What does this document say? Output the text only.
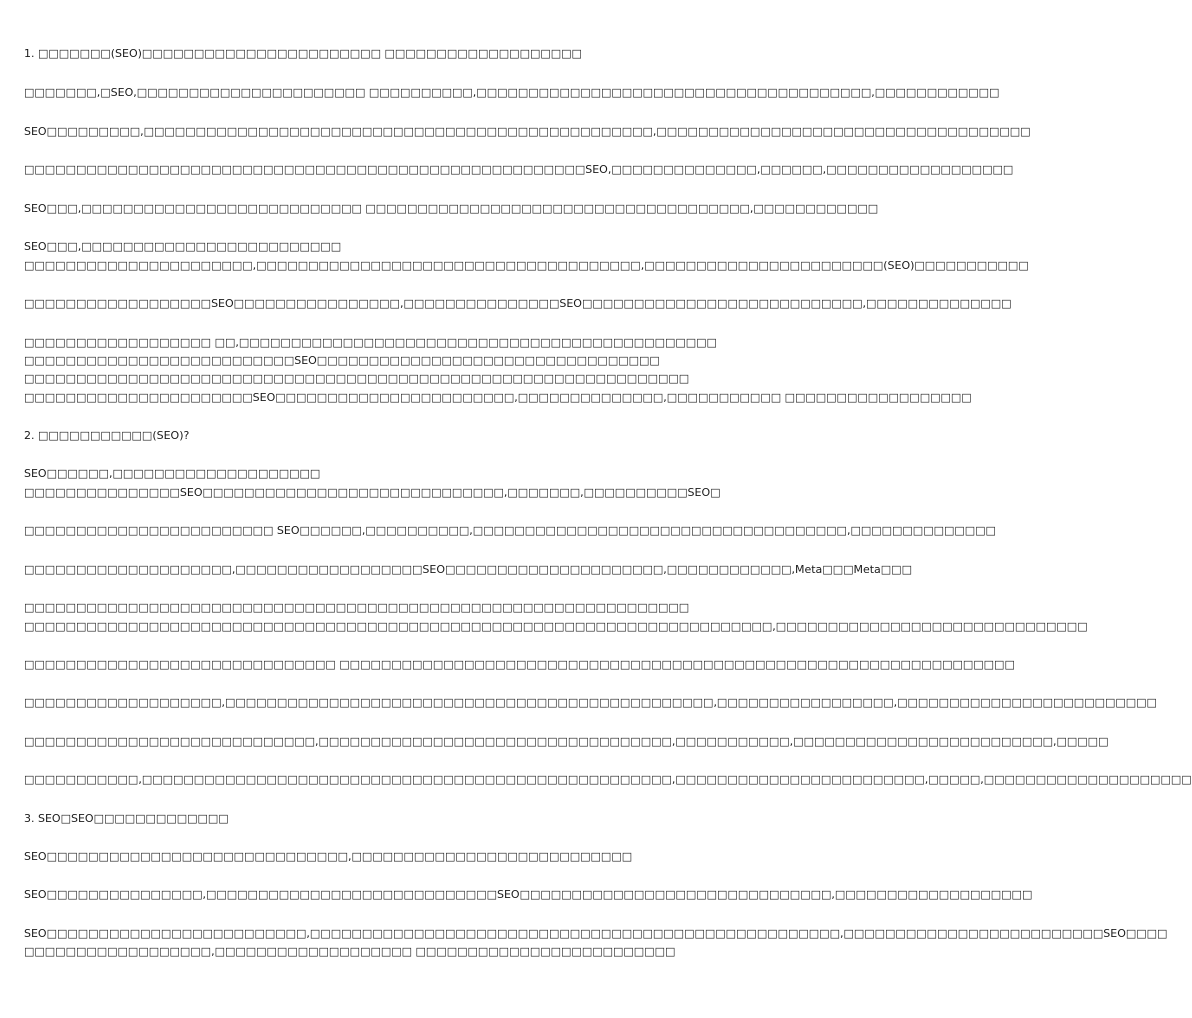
1. □□□□□□□(SEO)□□□□□□□□□□□□□□□□□□□□□□□ □□□□□□□□□□□□□□□□□□□
□□□□□□□,□SEO,□□□□□□□□□□□□□□□□□□□□□□ □□□□□□□□□□,□□□□□□□□□□□□□□□□□□□□□□□□□□□□□□□□□□□□□□,□□□□□□□□□□□□
SEO□□□□□□□□□,□□□□□□□□□□□□□□□□□□□□□□□□□□□□□□□□□□□□□□□□□□□□□□□□□,□□□□□□□□□□□□□□□□□□□□□□□□□□□□□□□□□□□□
□□□□□□□□□□□□□□□□□□□□□□□□□□□□□□□□□□□□□□□□□□□□□□□□□□□□□□SEO,□□□□□□□□□□□□□□,□□□□□□,□□□□□□□□□□□□□□□□□□
SEO□□□,□□□□□□□□□□□□□□□□□□□□□□□□□□□ □□□□□□□□□□□□□□□□□□□□□□□□□□□□□□□□□□□□□,□□□□□□□□□□□□
SEO□□□,□□□□□□□□□□□□□□□□□□□□□□□□□
□□□□□□□□□□□□□□□□□□□□□□,□□□□□□□□□□□□□□□□□□□□□□□□□□□□□□□□□□□□□,□□□□□□□□□□□□□□□□□□□□□□□(SEO)□□□□□□□□□□□
□□□□□□□□□□□□□□□□□□SEO□□□□□□□□□□□□□□□□,□□□□□□□□□□□□□□□SEO□□□□□□□□□□□□□□□□□□□□□□□□□□□,□□□□□□□□□□□□□□
□□□□□□□□□□□□□□□□□□ □□,□□□□□□□□□□□□□□□□□□□□□□□□□□□□□□□□□□□□□□□□□□□□□□
□□□□□□□□□□□□□□□□□□□□□□□□□□SEO□□□□□□□□□□□□□□□□□□□□□□□□□□□□□□□□□
□□□□□□□□□□□□□□□□□□□□□□□□□□□□□□□□□□□□□□□□□□□□□□□□□□□□□□□□□□□□□□□□
□□□□□□□□□□□□□□□□□□□□□□SEO□□□□□□□□□□□□□□□□□□□□□□□,□□□□□□□□□□□□□□,□□□□□□□□□□□ □□□□□□□□□□□□□□□□□□
2. □□□□□□□□□□□(SEO)?
SEO□□□□□□,□□□□□□□□□□□□□□□□□□□□
□□□□□□□□□□□□□□□SEO□□□□□□□□□□□□□□□□□□□□□□□□□□□□□,□□□□□□□,□□□□□□□□□□SEO□
□□□□□□□□□□□□□□□□□□□□□□□□ SEO□□□□□□,□□□□□□□□□□,□□□□□□□□□□□□□□□□□□□□□□□□□□□□□□□□□□□□,□□□□□□□□□□□□□□
□□□□□□□□□□□□□□□□□□□□,□□□□□□□□□□□□□□□□□□SEO□□□□□□□□□□□□□□□□□□□□□,□□□□□□□□□□□□,Meta□□□Meta□□□
□□□□□□□□□□□□□□□□□□□□□□□□□□□□□□□□□□□□□□□□□□□□□□□□□□□□□□□□□□□□□□□□
□□□□□□□□□□□□□□□□□□□□□□□□□□□□□□□□□□□□□□□□□□□□□□□□□□□□□□□□□□□□□□□□□□□□□□□□,□□□□□□□□□□□□□□□□□□□□□□□□□□□□□□
□□□□□□□□□□□□□□□□□□□□□□□□□□□□□□ □□□□□□□□□□□□□□□□□□□□□□□□□□□□□□□□□□□□□□□□□□□□□□□□□□□□□□□□□□□□□□□□□
□□□□□□□□□□□□□□□□□□□,□□□□□□□□□□□□□□□□□□□□□□□□□□□□□□□□□□□□□□□□□□□□□□□,□□□□□□□□□□□□□□□□□,□□□□□□□□□□□□□□□□□□□□□□□□□
□□□□□□□□□□□□□□□□□□□□□□□□□□□□,□□□□□□□□□□□□□□□□□□□□□□□□□□□□□□□□□□,□□□□□□□□□□□,□□□□□□□□□□□□□□□□□□□□□□□□□,□□□□□
□□□□□□□□□□□,□□□□□□□□□□□□□□□□□□□□□□□□□□□□□□□□□□□□□□□□□□□□□□□□□□□,□□□□□□□□□□□□□□□□□□□□□□□□,□□□□□,□□□□□□□□□□□□□□□□□□□□
3. SEO□SEO□□□□□□□□□□□□□
SEO□□□□□□□□□□□□□□□□□□□□□□□□□□□□□,□□□□□□□□□□□□□□□□□□□□□□□□□□□
SEO□□□□□□□□□□□□□□□,□□□□□□□□□□□□□□□□□□□□□□□□□□□□SEO□□□□□□□□□□□□□□□□□□□□□□□□□□□□□□,□□□□□□□□□□□□□□□□□□□
SEO□□□□□□□□□□□□□□□□□□□□□□□□□,□□□□□□□□□□□□□□□□□□□□□□□□□□□□□□□□□□□□□□□□□□□□□□□□□□□,□□□□□□□□□□□□□□□□□□□□□□□□□SEO□□□□
□□□□□□□□□□□□□□□□□□,□□□□□□□□□□□□□□□□□□□ □□□□□□□□□□□□□□□□□□□□□□□□□
